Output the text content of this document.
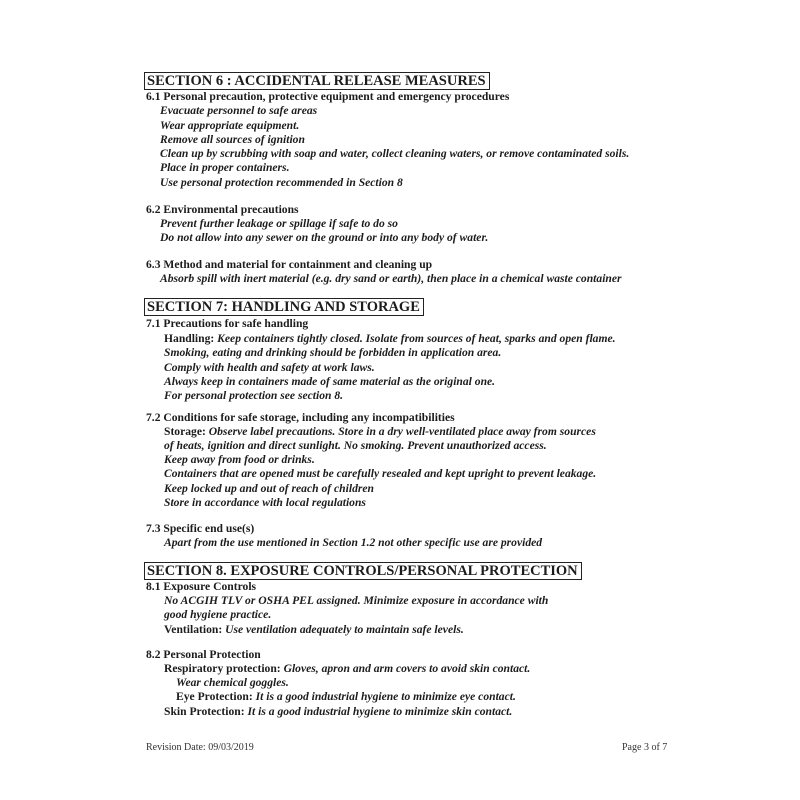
SECTION 6 : ACCIDENTAL RELEASE MEASURES
6.1 Personal precaution, protective equipment and emergency procedures
Evacuate personnel to safe areas
Wear appropriate equipment.
Remove all sources of ignition
Clean up by scrubbing with soap and water, collect cleaning waters, or remove contaminated soils.
Place in proper containers.
Use personal protection recommended in Section 8
6.2 Environmental precautions
Prevent further leakage or spillage if safe to do so
Do not allow into any sewer on the ground or into any body of water.
6.3 Method and material for containment and cleaning up
Absorb spill with inert material (e.g. dry sand or earth), then place in a chemical waste container
SECTION 7: HANDLING AND STORAGE
7.1 Precautions for safe handling
Handling: Keep containers tightly closed. Isolate from sources of heat, sparks and open flame.
Smoking, eating and drinking should be forbidden in application area.
Comply with health and safety at work laws.
Always keep in containers made of same material as the original one.
For personal protection see section 8.
7.2 Conditions for safe storage, including any incompatibilities
Storage: Observe label precautions. Store in a dry well-ventilated place away from sources
of heats, ignition and direct sunlight. No smoking. Prevent unauthorized access.
Keep away from food or drinks.
Containers that are opened must be carefully resealed and kept upright to prevent leakage.
Keep locked up and out of reach of children
Store in accordance with local regulations
7.3 Specific end use(s)
Apart from the use mentioned in Section 1.2 not other specific use are provided
SECTION 8. EXPOSURE CONTROLS/PERSONAL PROTECTION
8.1 Exposure Controls
No ACGIH TLV or OSHA PEL assigned. Minimize exposure in accordance with
good hygiene practice.
Ventilation: Use ventilation adequately to maintain safe levels.
8.2 Personal Protection
Respiratory protection: Gloves, apron and arm covers to avoid skin contact.
Wear chemical goggles.
Eye Protection: It is a good industrial hygiene to minimize eye contact.
Skin Protection: It is a good industrial hygiene to minimize skin contact.
Revision Date: 09/03/2019	Page 3 of 7
